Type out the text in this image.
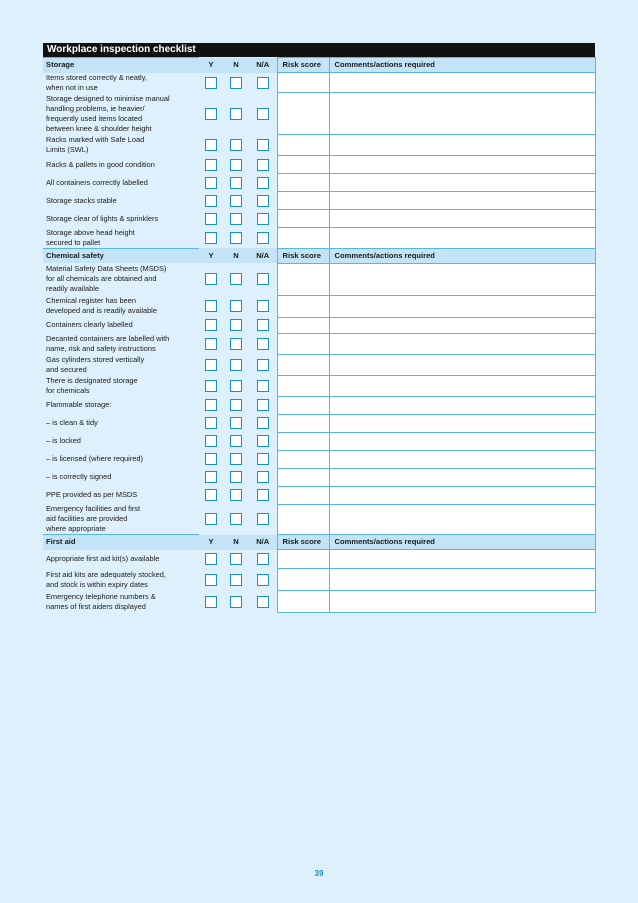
Workplace inspection checklist
Storage	Y	N	N/A	Risk score	Comments/actions required

Items stored correctly & neatly,
when not in use					

Storage designed to minimise manual
handling problems, ie heavier/
frequently used items located
between knee & shoulder height					

Racks marked with Safe Load
Limits (SWL)					

Racks & pallets in good condition					

All containers correctly labelled					

Storage stacks stable					

Storage clear of lights & sprinklers					

Storage above head height
secured to pallet					

Chemical safety	Y	N	N/A	Risk score	Comments/actions required

Material Safety Data Sheets (MSDS)
for all chemicals are obtained and
readily available					

Chemical register has been
developed and is readily available					

Containers clearly labelled					

Decanted containers are labelled with
name, risk and safety instructions					

Gas cylinders stored vertically
and secured					

There is designated storage
for chemicals					

Flammable storage:					

– is clean & tidy					

– is locked					

– is licensed (where required)					

– is correctly signed					

PPE provided as per MSDS					

Emergency facilities and first
aid facilities are provided
where appropriate					

First aid	Y	N	N/A	Risk score	Comments/actions required

Appropriate first aid kit(s) available					

First aid kits are adequately stocked,
and stock is within expiry dates					

Emergency telephone numbers &
names of first aiders displayed					

39
